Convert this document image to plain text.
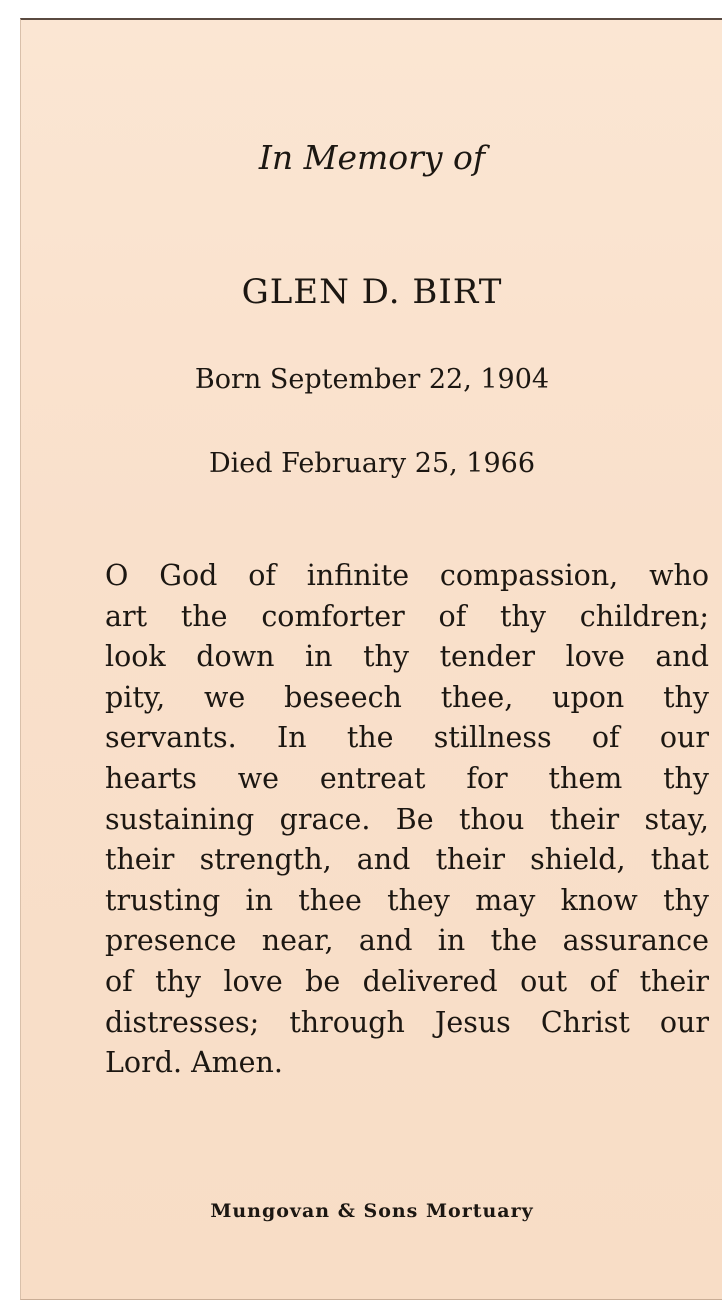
In Memory of

GLEN D. BIRT

Born September 22, 1904

Died February 25, 1966

O God of infinite compassion, who
art the comforter of thy children;
look down in thy tender love and
pity, we beseech thee, upon thy
servants. In the stillness of our
hearts we entreat for them thy
sustaining grace. Be thou their stay,
their strength, and their shield, that
trusting in thee they may know thy
presence near, and in the assurance
of thy love be delivered out of their
distresses; through Jesus Christ our
Lord. Amen.

Mungovan & Sons Mortuary
